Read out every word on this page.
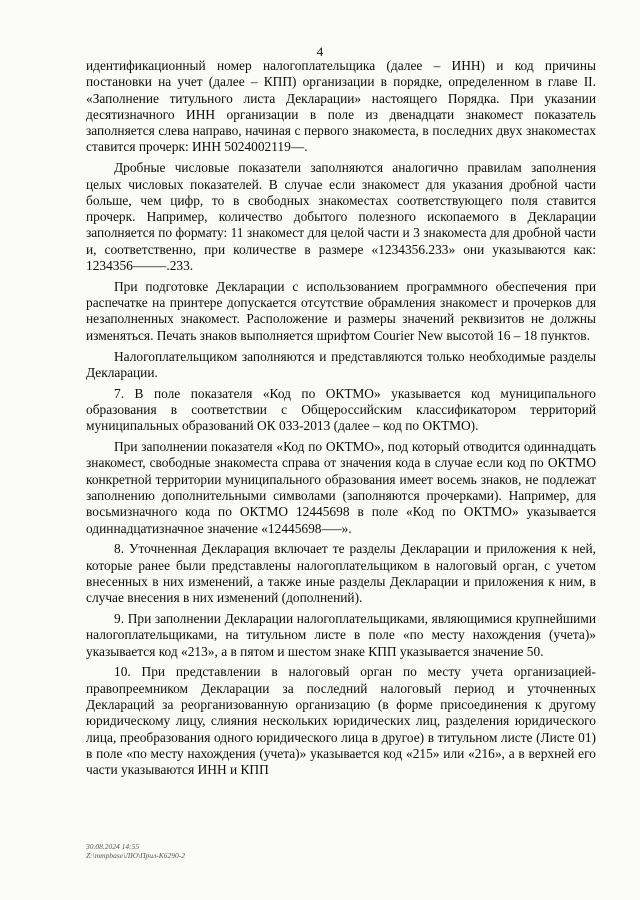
4

идентификационный номер налогоплательщика (далее – ИНН) и код причины постановки на учет (далее – КПП) организации в порядке, определенном в главе II. «Заполнение титульного листа Декларации» настоящего Порядка. При указании десятизначного ИНН организации в поле из двенадцати знакомест показатель заполняется слева направо, начиная с первого знакоместа, в последних двух знакоместах ставится прочерк: ИНН 5024002119––.

Дробные числовые показатели заполняются аналогично правилам заполнения целых числовых показателей. В случае если знакомест для указания дробной части больше, чем цифр, то в свободных знакоместах соответствующего поля ставится прочерк. Например, количество добытого полезного ископаемого в Декларации заполняется по формату: 11 знакомест для целой части и 3 знакоместа для дробной части и, соответственно, при количестве в размере «1234356.233» они указываются как: 1234356–––––.233.

При подготовке Декларации с использованием программного обеспечения при распечатке на принтере допускается отсутствие обрамления знакомест и прочерков для незаполненных знакомест. Расположение и размеры значений реквизитов не должны изменяться. Печать знаков выполняется шрифтом Courier New высотой 16 – 18 пунктов.

Налогоплательщиком заполняются и представляются только необходимые разделы Декларации.

7. В поле показателя «Код по ОКТМО» указывается код муниципального образования в соответствии с Общероссийским классификатором территорий муниципальных образований ОК 033-2013 (далее – код по ОКТМО).

При заполнении показателя «Код по ОКТМО», под который отводится одиннадцать знакомест, свободные знакоместа справа от значения кода в случае если код по ОКТМО конкретной территории муниципального образования имеет восемь знаков, не подлежат заполнению дополнительными символами (заполняются прочерками). Например, для восьмизначного кода по ОКТМО 12445698 в поле «Код по ОКТМО» указывается одиннадцатизначное значение «12445698–––».

8. Уточненная Декларация включает те разделы Декларации и приложения к ней, которые ранее были представлены налогоплательщиком в налоговый орган, с учетом внесенных в них изменений, а также иные разделы Декларации и приложения к ним, в случае внесения в них изменений (дополнений).

9. При заполнении Декларации налогоплательщиками, являющимися крупнейшими налогоплательщиками, на титульном листе в поле «по месту нахождения (учета)» указывается код «213», а в пятом и шестом знаке КПП указывается значение 50.

10. При представлении в налоговый орган по месту учета организацией-правопреемником Декларации за последний налоговый период и уточненных Деклараций за реорганизованную организацию (в форме присоединения к другому юридическому лицу, слияния нескольких юридических лиц, разделения юридического лица, преобразования одного юридического лица в другое) в титульном листе (Листе 01) в поле «по месту нахождения (учета)» указывается код «215» или «216», а в верхней его части указываются ИНН и КПП

30.08.2024 14:55
Z:\mmpbase\ЛЮ\Прил-К6290-2
